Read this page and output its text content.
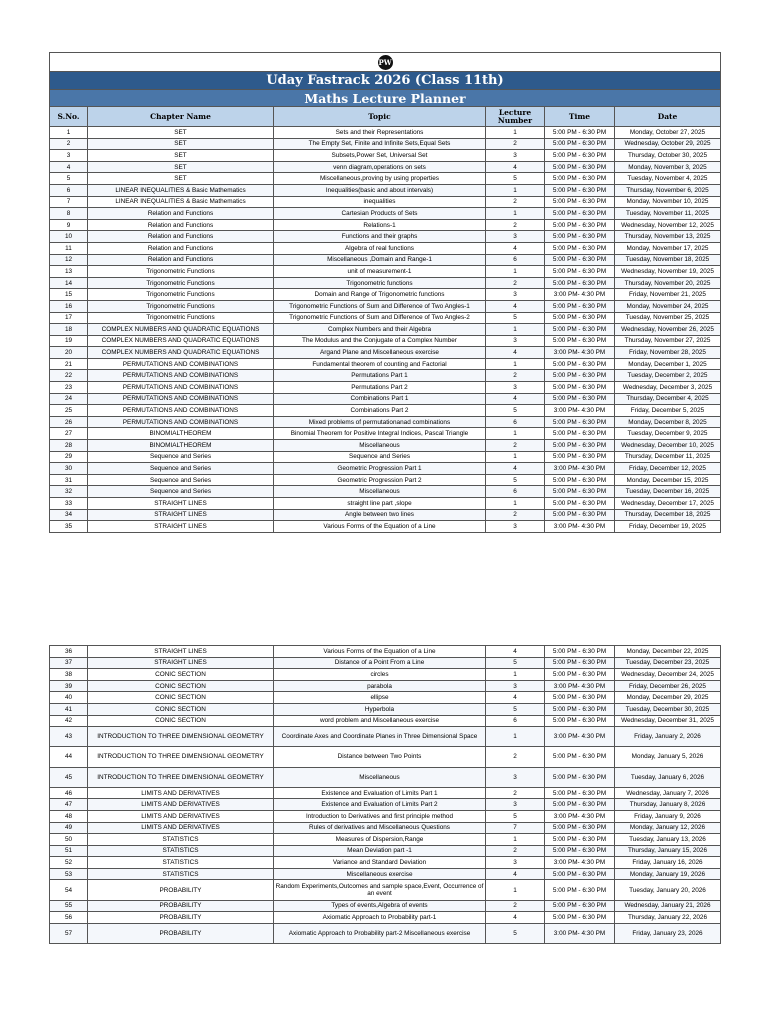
PW					
Uday Fastrack 2026 (Class 11th)					
Maths Lecture Planner					
S.No.	Chapter Name	Topic	Lecture Number	Time	Date
1	SET	Sets and their Representations	1	5:00 PM - 6:30 PM	Monday, October 27, 2025
2	SET	The Empty Set, Finite and Infinite Sets,Equal Sets	2	5:00 PM - 6:30 PM	Wednesday, October 29, 2025
3	SET	Subsets,Power Set, Universal Set	3	5:00 PM - 6:30 PM	Thursday, October 30, 2025
4	SET	venn diagram,operations on sets	4	5:00 PM - 6:30 PM	Monday, November 3, 2025
5	SET	Miscellaneous,proving by using properties	5	5:00 PM - 6:30 PM	Tuesday, November 4, 2025
6	LINEAR INEQUALITIES & Basic Mathematics	Inequalities(basic and about intervals)	1	5:00 PM - 6:30 PM	Thursday, November 6, 2025
7	LINEAR INEQUALITIES & Basic Mathematics	inequalities	2	5:00 PM - 6:30 PM	Monday, November 10, 2025
8	Relation and Functions	Cartesian Products of Sets	1	5:00 PM - 6:30 PM	Tuesday, November 11, 2025
9	Relation and Functions	Relations-1	2	5:00 PM - 6:30 PM	Wednesday, November 12, 2025
10	Relation and Functions	Functions and their graphs	3	5:00 PM - 6:30 PM	Thursday, November 13, 2025
11	Relation and Functions	Algebra of real functions	4	5:00 PM - 6:30 PM	Monday, November 17, 2025
12	Relation and Functions	Miscellaneous ,Domain and Range-1	6	5:00 PM - 6:30 PM	Tuesday, November 18, 2025
13	Trigonometric Functions	unit of measurement-1	1	5:00 PM - 6:30 PM	Wednesday, November 19, 2025
14	Trigonometric Functions	Trigonometric functions	2	5:00 PM - 6:30 PM	Thursday, November 20, 2025
15	Trigonometric Functions	Domain and Range of Trigonometric functions	3	3:00 PM- 4:30 PM	Friday, November 21, 2025
16	Trigonometric Functions	Trigonometric Functions of Sum and Difference of Two Angles-1	4	5:00 PM - 6:30 PM	Monday, November 24, 2025
17	Trigonometric Functions	Trigonometric Functions of Sum and Difference of Two Angles-2	5	5:00 PM - 6:30 PM	Tuesday, November 25, 2025
18	COMPLEX NUMBERS AND QUADRATIC EQUATIONS	Complex Numbers and their Algebra	1	5:00 PM - 6:30 PM	Wednesday, November 26, 2025
19	COMPLEX NUMBERS AND QUADRATIC EQUATIONS	The Modulus and the Conjugate of a Complex Number	3	5:00 PM - 6:30 PM	Thursday, November 27, 2025
20	COMPLEX NUMBERS AND QUADRATIC EQUATIONS	Argand Plane and Miscellaneous exercise	4	3:00 PM- 4:30 PM	Friday, November 28, 2025
21	PERMUTATIONS AND COMBINATIONS	Fundamental theorem of counting and Factorial	1	5:00 PM - 6:30 PM	Monday, December 1, 2025
22	PERMUTATIONS AND COMBINATIONS	Permutations Part 1	2	5:00 PM - 6:30 PM	Tuesday, December 2, 2025
23	PERMUTATIONS AND COMBINATIONS	Permutations Part 2	3	5:00 PM - 6:30 PM	Wednesday, December 3, 2025
24	PERMUTATIONS AND COMBINATIONS	Combinations Part 1	4	5:00 PM - 6:30 PM	Thursday, December 4, 2025
25	PERMUTATIONS AND COMBINATIONS	Combinations Part 2	5	3:00 PM- 4:30 PM	Friday, December 5, 2025
26	PERMUTATIONS AND COMBINATIONS	Mixed problems of permutationanad combinations	6	5:00 PM - 6:30 PM	Monday, December 8, 2025
27	BINOMIALTHEOREM	Binomial Theorem for Positive Integral Indices, Pascal Triangle	1	5:00 PM - 6:30 PM	Tuesday, December 9, 2025
28	BINOMIALTHEOREM	Miscellaneous	2	5:00 PM - 6:30 PM	Wednesday, December 10, 2025
29	Sequence and Series	Sequence and Series	1	5:00 PM - 6:30 PM	Thursday, December 11, 2025
30	Sequence and Series	Geometric Progression Part 1	4	3:00 PM- 4:30 PM	Friday, December 12, 2025
31	Sequence and Series	Geometric Progression Part 2	5	5:00 PM - 6:30 PM	Monday, December 15, 2025
32	Sequence and Series	Miscellaneous	6	5:00 PM - 6:30 PM	Tuesday, December 16, 2025
33	STRAIGHT LINES	straight line part ,slope	1	5:00 PM - 6:30 PM	Wednesday, December 17, 2025
34	STRAIGHT LINES	Angle between two lines	2	5:00 PM - 6:30 PM	Thursday, December 18, 2025
35	STRAIGHT LINES	Various Forms of the Equation of a Line	3	3:00 PM- 4:30 PM	Friday, December 19, 2025
36	STRAIGHT LINES	Various Forms of the Equation of a Line	4	5:00 PM - 6:30 PM	Monday, December 22, 2025
37	STRAIGHT LINES	Distance of a Point From a Line	5	5:00 PM - 6:30 PM	Tuesday, December 23, 2025
38	CONIC SECTION	circles	1	5:00 PM - 6:30 PM	Wednesday, December 24, 2025
39	CONIC SECTION	parabola	3	3:00 PM- 4:30 PM	Friday, December 26, 2025
40	CONIC SECTION	ellipse	4	5:00 PM - 6:30 PM	Monday, December 29, 2025
41	CONIC SECTION	Hyperbola	5	5:00 PM - 6:30 PM	Tuesday, December 30, 2025
42	CONIC SECTION	word problem and Miscellaneous exercise	6	5:00 PM - 6:30 PM	Wednesday, December 31, 2025
43	INTRODUCTION TO THREE DIMENSIONAL GEOMETRY	Coordinate Axes and Coordinate Planes in Three Dimensional Space	1	3:00 PM- 4:30 PM	Friday, January 2, 2026
44	INTRODUCTION TO THREE DIMENSIONAL GEOMETRY	Distance between Two Points	2	5:00 PM - 6:30 PM	Monday, January 5, 2026
45	INTRODUCTION TO THREE DIMENSIONAL GEOMETRY	Miscellaneous	3	5:00 PM - 6:30 PM	Tuesday, January 6, 2026
46	LIMITS AND DERIVATIVES	Existence and Evaluation of Limits Part 1	2	5:00 PM - 6:30 PM	Wednesday, January 7, 2026
47	LIMITS AND DERIVATIVES	Existence and Evaluation of Limits Part 2	3	5:00 PM - 6:30 PM	Thursday, January 8, 2026
48	LIMITS AND DERIVATIVES	Introduction to Derivatives and first principle method	5	3:00 PM- 4:30 PM	Friday, January 9, 2026
49	LIMITS AND DERIVATIVES	Rules of derivatives and Miscellaneous Questions	7	5:00 PM - 6:30 PM	Monday, January 12, 2026
50	STATISTICS	Measures of Dispersion,Range	1	5:00 PM - 6:30 PM	Tuesday, January 13, 2026
51	STATISTICS	Mean Deviation part -1	2	5:00 PM - 6:30 PM	Thursday, January 15, 2026
52	STATISTICS	Variance and Standard Deviation	3	3:00 PM- 4:30 PM	Friday, January 16, 2026
53	STATISTICS	Miscellaneous exercise	4	5:00 PM - 6:30 PM	Monday, January 19, 2026
54	PROBABILITY	Random Experiments,Outcomes and sample space,Event, Occurrence of an event	1	5:00 PM - 6:30 PM	Tuesday, January 20, 2026
55	PROBABILITY	Types of events,Algebra of events	2	5:00 PM - 6:30 PM	Wednesday, January 21, 2026
56	PROBABILITY	Axiomatic Approach to Probability part-1	4	5:00 PM - 6:30 PM	Thursday, January 22, 2026
57	PROBABILITY	Axiomatic Approach to Probability part-2 Miscellaneous exercise	5	3:00 PM- 4:30 PM	Friday, January 23, 2026
